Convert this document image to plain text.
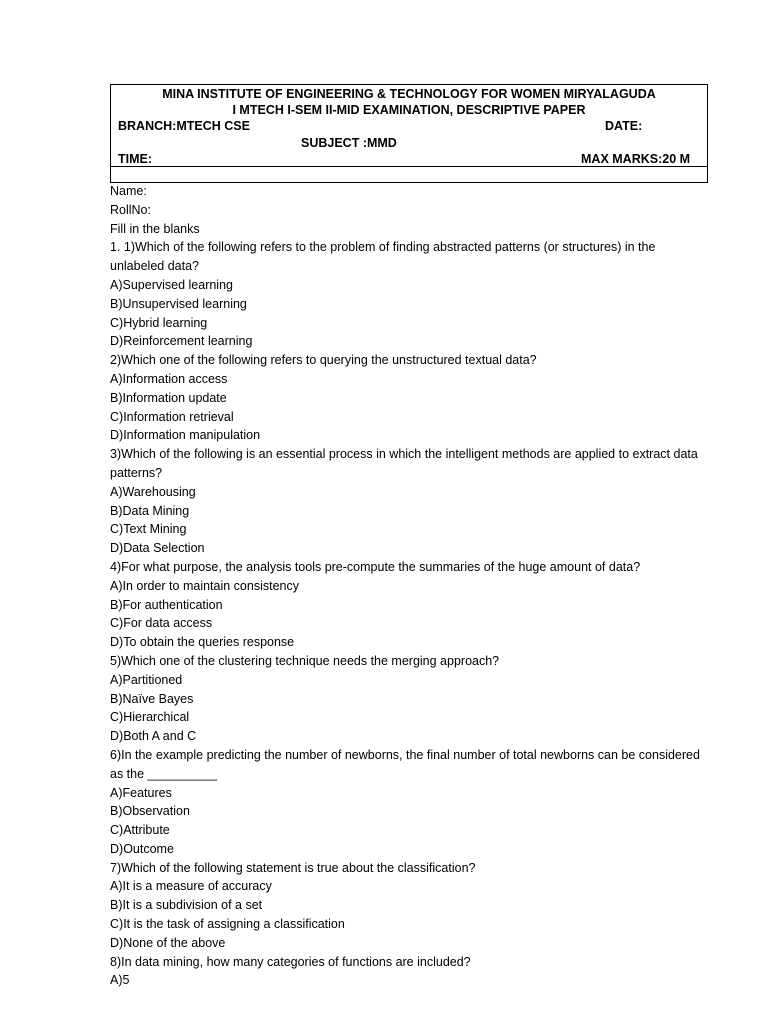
MINA INSTITUTE OF ENGINEERING & TECHNOLOGY FOR WOMEN MIRYALAGUDA
I MTECH I-SEM II-MID EXAMINATION, DESCRIPTIVE PAPER
BRANCH:MTECH CSE	DATE:
SUBJECT :MMD
TIME:	MAX MARKS:20 M
Name:
RollNo:
Fill in the blanks
1. 1)Which of the following refers to the problem of finding abstracted patterns (or structures) in the unlabeled data?
A)Supervised learning
B)Unsupervised learning
C)Hybrid learning
D)Reinforcement learning
2)Which one of the following refers to querying the unstructured textual data?
A)Information access
B)Information update
C)Information retrieval
D)Information manipulation
3)Which of the following is an essential process in which the intelligent methods are applied to extract data patterns?
A)Warehousing
B)Data Mining
C)Text Mining
D)Data Selection
4)For what purpose, the analysis tools pre-compute the summaries of the huge amount of data?
A)In order to maintain consistency
B)For authentication
C)For data access
D)To obtain the queries response
5)Which one of the clustering technique needs the merging approach?
A)Partitioned
B)Naïve Bayes
C)Hierarchical
D)Both A and C
6)In the example predicting the number of newborns, the final number of total newborns can be considered as the __________
A)Features
B)Observation
C)Attribute
D)Outcome
7)Which of the following statement is true about the classification?
A)It is a measure of accuracy
B)It is a subdivision of a set
C)It is the task of assigning a classification
D)None of the above
8)In data mining, how many categories of functions are included?
A)5
